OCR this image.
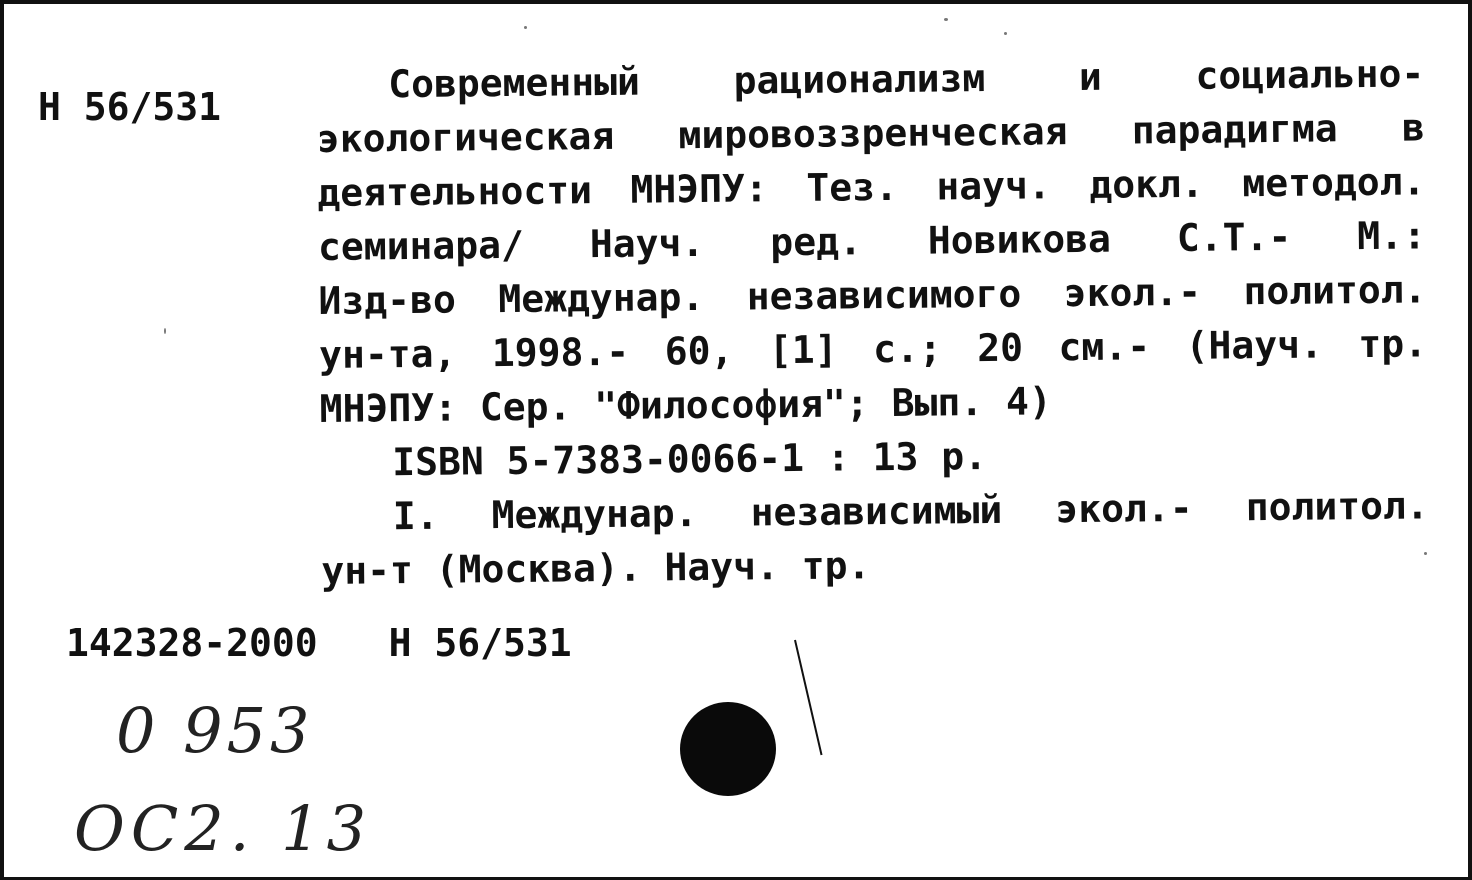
Н 56/531
Современный рационализм и социально-
экологическая мировоззренческая парадигма в
деятельности МНЭПУ: Тез. науч. докл. методол.
семинара/ Науч. ред. Новикова С.Т.- М.:
Изд-во Междунар. независимого экол.- политол.
ун-та, 1998.- 60, [1] с.; 20 см.- (Науч. тр.
МНЭПУ: Сер. "Философия"; Вып. 4)
ISBN 5-7383-0066-1 : 13 р.
I. Междунар. независимый экол.- политол.
ун-т (Москва). Науч. тр.
142328-2000 Н 56/531
0 953
ОС2. 13
